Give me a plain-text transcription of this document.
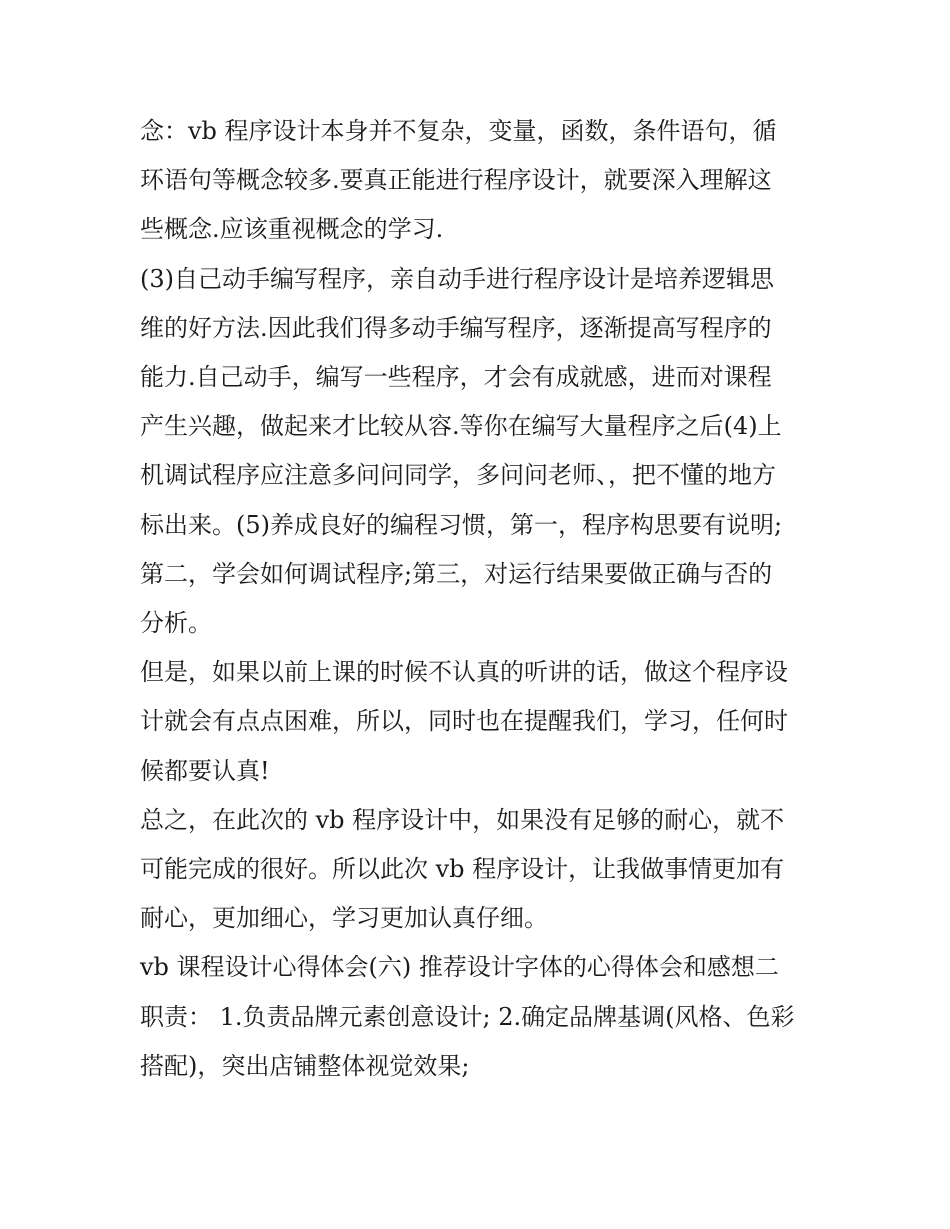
念：vb 程序设计本身并不复杂，变量，函数，条件语句，循
环语句等概念较多.要真正能进行程序设计，就要深入理解这
些概念.应该重视概念的学习.

(3)自己动手编写程序，亲自动手进行程序设计是培养逻辑思
维的好方法.因此我们得多动手编写程序，逐渐提高写程序的
能力.自己动手，编写一些程序，才会有成就感，进而对课程
产生兴趣，做起来才比较从容.等你在编写大量程序之后(4)上
机调试程序应注意多问问同学，多问问老师、，把不懂的地方
标出来。(5)养成良好的编程习惯，第一，程序构思要有说明;
第二，学会如何调试程序;第三，对运行结果要做正确与否的
分析。

但是，如果以前上课的时候不认真的听讲的话，做这个程序设
计就会有点点困难，所以，同时也在提醒我们，学习，任何时
候都要认真!

总之，在此次的 vb 程序设计中，如果没有足够的耐心，就不
可能完成的很好。所以此次 vb 程序设计，让我做事情更加有
耐心，更加细心，学习更加认真仔细。

vb 课程设计心得体会(六) 推荐设计字体的心得体会和感想二
职责： 1.负责品牌元素创意设计; 2.确定品牌基调(风格、色彩
搭配)，突出店铺整体视觉效果;
